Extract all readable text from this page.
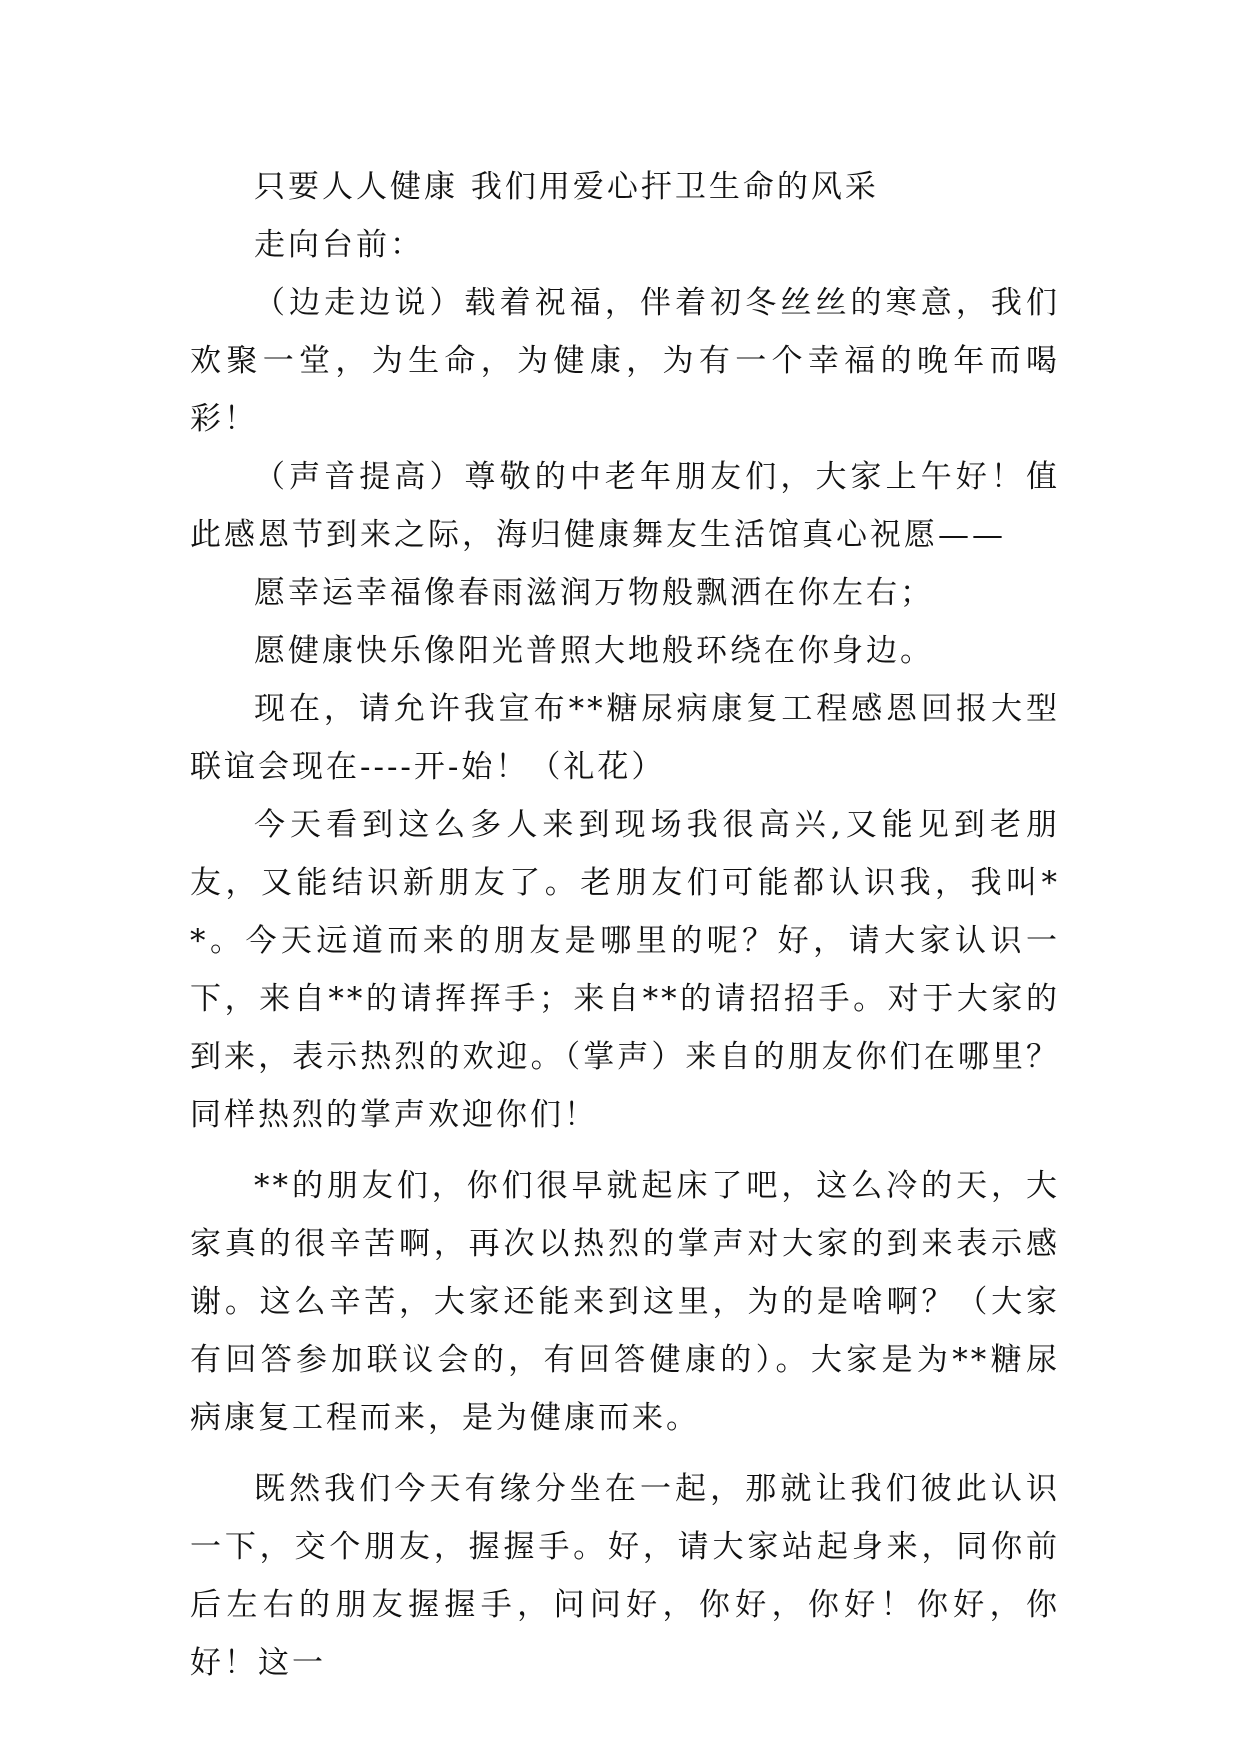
只要人人健康 我们用爱心扞卫生命的风采

走向台前：

（边走边说）载着祝福，伴着初冬丝丝的寒意，我们欢聚一堂，为生命，为健康，为有一个幸福的晚年而喝彩！

（声音提高）尊敬的中老年朋友们，大家上午好！值此感恩节到来之际，海归健康舞友生活馆真心祝愿——

愿幸运幸福像春雨滋润万物般飘洒在你左右；

愿健康快乐像阳光普照大地般环绕在你身边。

现在，请允许我宣布**糖尿病康复工程感恩回报大型联谊会现在----开-始！（礼花）

今天看到这么多人来到现场我很高兴,又能见到老朋友，又能结识新朋友了。老朋友们可能都认识我，我叫**。今天远道而来的朋友是哪里的呢？好，请大家认识一下，来自**的请挥挥手；来自**的请招招手。对于大家的到来，表示热烈的欢迎。（掌声）来自的朋友你们在哪里？同样热烈的掌声欢迎你们！

**的朋友们，你们很早就起床了吧，这么冷的天，大家真的很辛苦啊，再次以热烈的掌声对大家的到来表示感谢。这么辛苦，大家还能来到这里，为的是啥啊？（大家有回答参加联议会的，有回答健康的）。大家是为**糖尿病康复工程而来，是为健康而来。

既然我们今天有缘分坐在一起，那就让我们彼此认识一下，交个朋友，握握手。好，请大家站起身来，同你前后左右的朋友握握手，问问好，你好，你好！你好，你好！这一
